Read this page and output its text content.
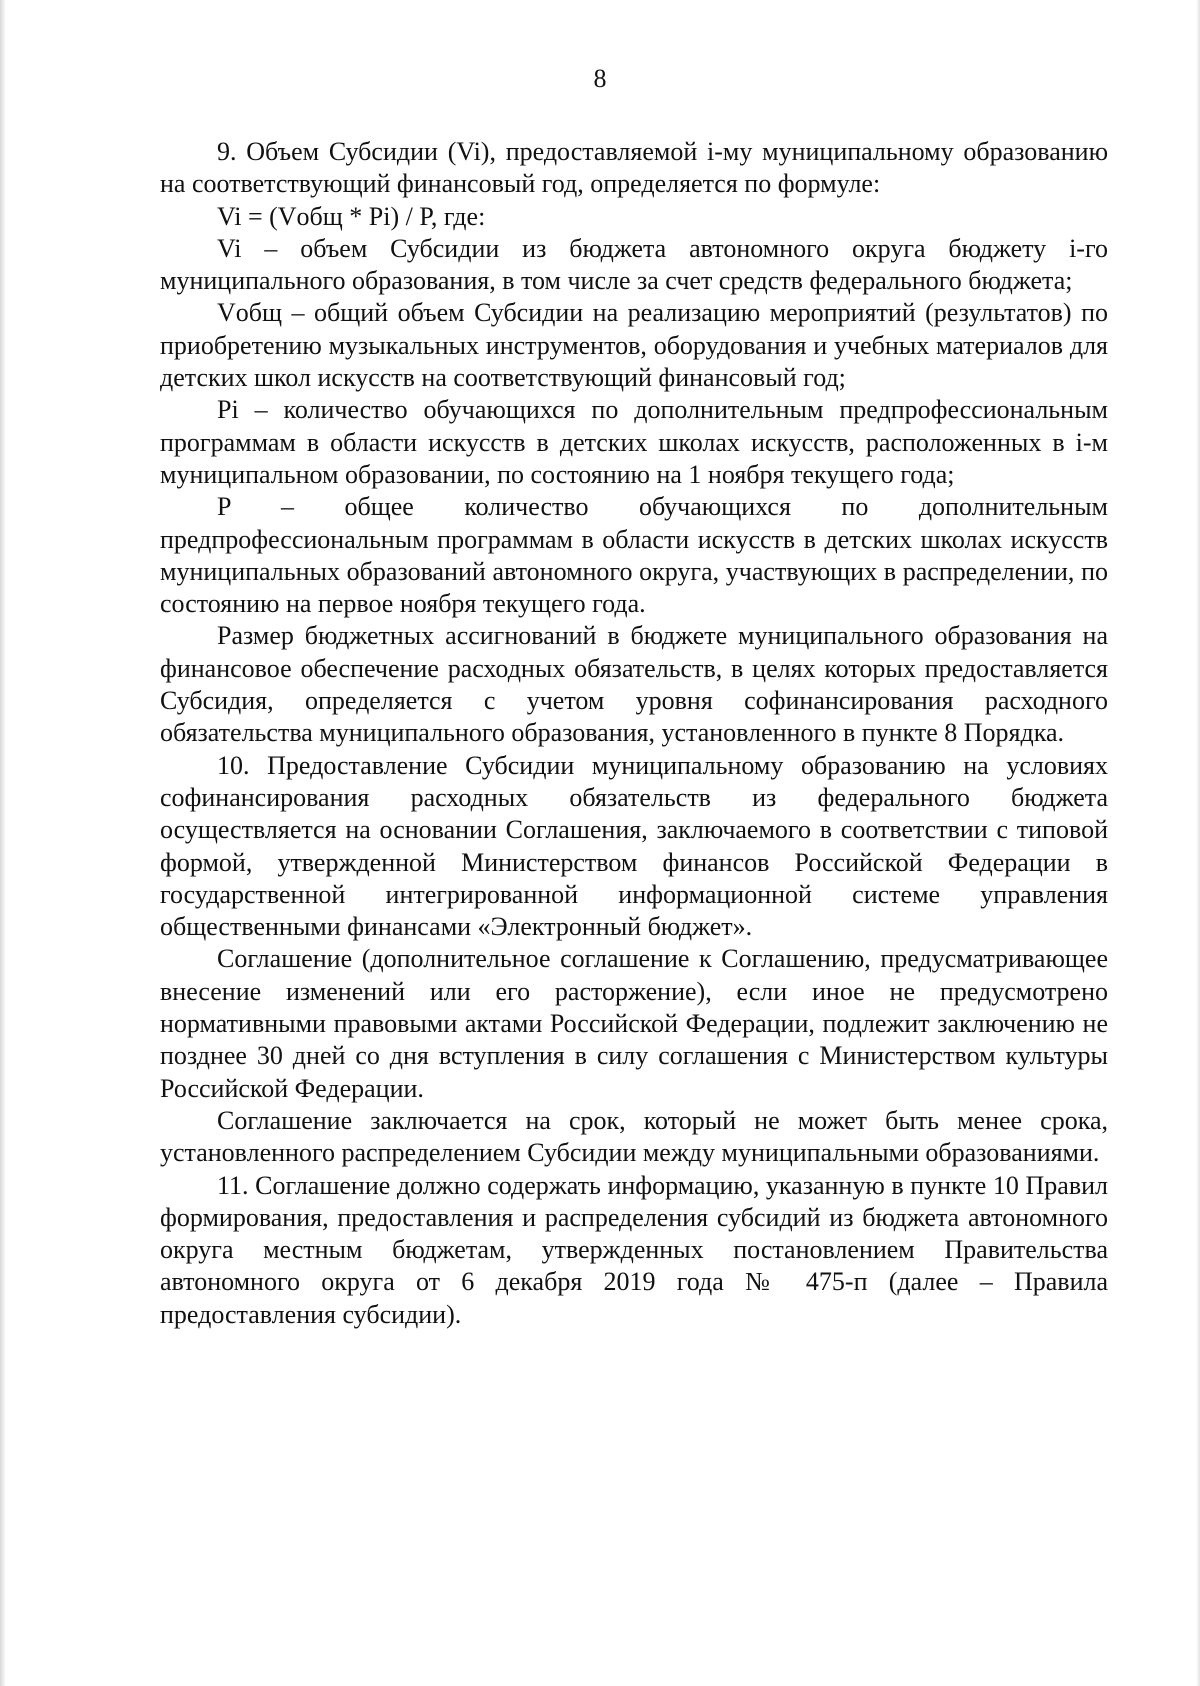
8

9. Объем Субсидии (Vi), предоставляемой i-му муниципальному образованию на соответствующий финансовый год, определяется по формуле:

Vi = (Vобщ * Pi) / P, где:

Vi – объем Субсидии из бюджета автономного округа бюджету i-го муниципального образования, в том числе за счет средств федерального бюджета;

Vобщ – общий объем Субсидии на реализацию мероприятий (результатов) по приобретению музыкальных инструментов, оборудования и учебных материалов для детских школ искусств на соответствующий финансовый год;

Pi – количество обучающихся по дополнительным предпрофессиональным программам в области искусств в детских школах искусств, расположенных в i-м муниципальном образовании, по состоянию на 1 ноября текущего года;

P – общее количество обучающихся по дополнительным предпрофессиональным программам в области искусств в детских школах искусств муниципальных образований автономного округа, участвующих в распределении, по состоянию на первое ноября текущего года.

Размер бюджетных ассигнований в бюджете муниципального образования на финансовое обеспечение расходных обязательств, в целях которых предоставляется Субсидия, определяется с учетом уровня софинансирования расходного обязательства муниципального образования, установленного в пункте 8 Порядка.

10. Предоставление Субсидии муниципальному образованию на условиях софинансирования расходных обязательств из федерального бюджета осуществляется на основании Соглашения, заключаемого в соответствии с типовой формой, утвержденной Министерством финансов Российской Федерации в государственной интегрированной информационной системе управления общественными финансами «Электронный бюджет».

Соглашение (дополнительное соглашение к Соглашению, предусматривающее внесение изменений или его расторжение), если иное не предусмотрено нормативными правовыми актами Российской Федерации, подлежит заключению не позднее 30 дней со дня вступления в силу соглашения с Министерством культуры Российской Федерации.

Соглашение заключается на срок, который не может быть менее срока, установленного распределением Субсидии между муниципальными образованиями.

11. Соглашение должно содержать информацию, указанную в пункте 10 Правил формирования, предоставления и распределения субсидий из бюджета автономного округа местным бюджетам, утвержденных постановлением Правительства автономного округа от 6 декабря 2019 года № 475-п (далее – Правила предоставления субсидии).
